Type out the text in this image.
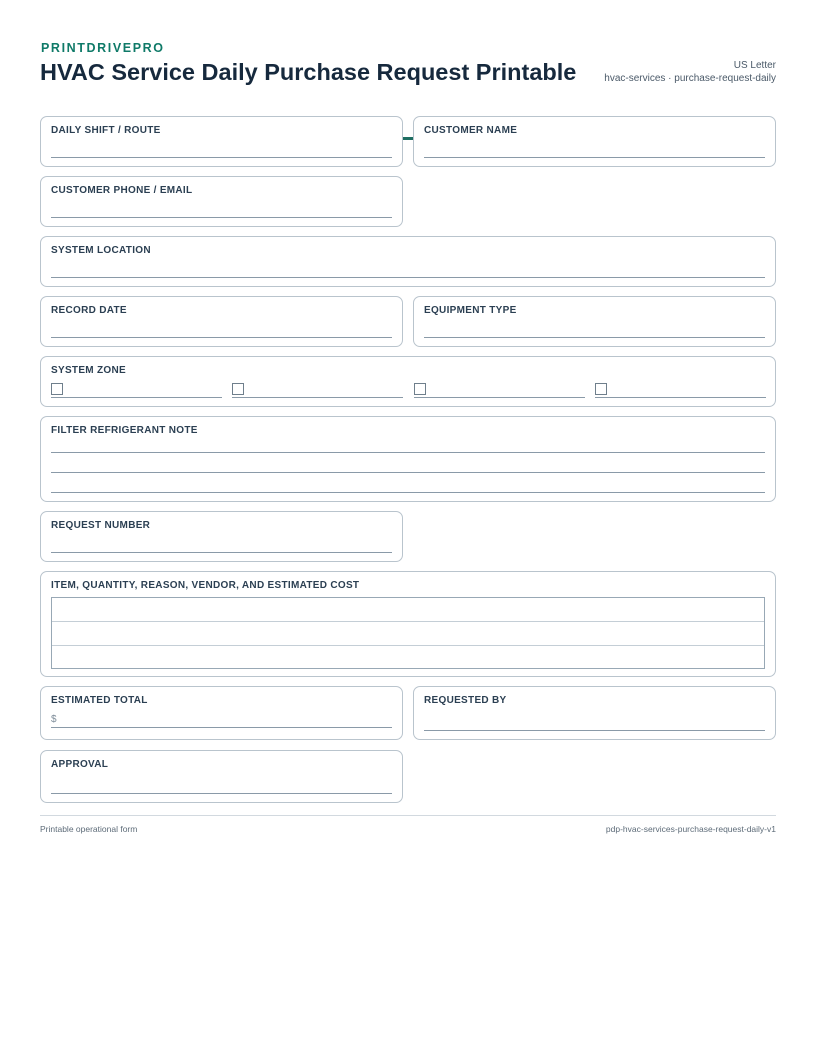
PRINTDRIVEPRO
HVAC Service Daily Purchase Request Printable	US Letter
hvac-services · purchase-request-daily
DAILY SHIFT / ROUTE	CUSTOMER NAME
CUSTOMER PHONE / EMAIL
SYSTEM LOCATION
RECORD DATE	EQUIPMENT TYPE
SYSTEM ZONE
FILTER REFRIGERANT NOTE
REQUEST NUMBER
ITEM, QUANTITY, REASON, VENDOR, AND ESTIMATED COST
ESTIMATED TOTAL
$
REQUESTED BY
APPROVAL
Printable operational form	pdp-hvac-services-purchase-request-daily-v1
